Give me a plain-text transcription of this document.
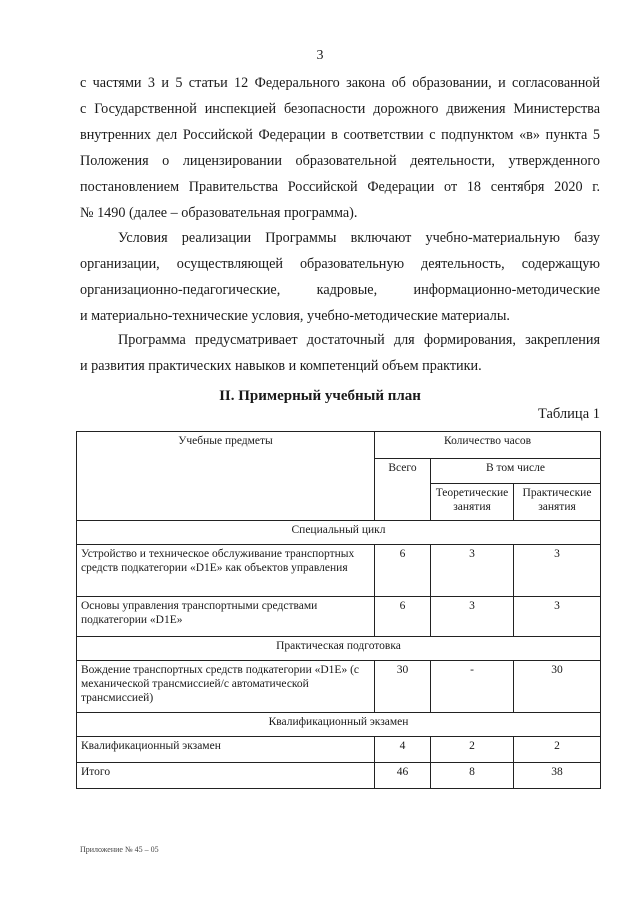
3

с частями 3 и 5 статьи 12 Федерального закона об образовании, и согласованной
с Государственной инспекцией безопасности дорожного движения Министерства
внутренних дел Российской Федерации в соответствии с подпунктом «в» пункта 5
Положения о лицензировании образовательной деятельности, утвержденного
постановлением Правительства Российской Федерации от 18 сентября 2020 г.
№ 1490 (далее – образовательная программа).

Условия реализации Программы включают учебно-материальную базу
организации, осуществляющей образовательную деятельность, содержащую
организационно-педагогические, кадровые, информационно-методические
и материально-технические условия, учебно-методические материалы.

Программа предусматривает достаточный для формирования, закрепления
и развития практических навыков и компетенций объем практики.

II. Примерный учебный план
Таблица 1
Учебные предметы	Количество часов		
	Всего	В том числе	
		Теоретические занятия	Практические занятия
Специальный цикл			
Устройство и техническое обслуживание транспортных средств подкатегории «D1E» как объектов управления	6	3	3
Основы управления транспортными средствами подкатегории «D1E»	6	3	3
Практическая подготовка			
Вождение транспортных средств подкатегории «D1E» (с механической трансмиссией/с автоматической трансмиссией)	30	-	30
Квалификационный экзамен			
Квалификационный экзамен	4	2	2
Итого	46	8	38
Приложение № 45 – 05
